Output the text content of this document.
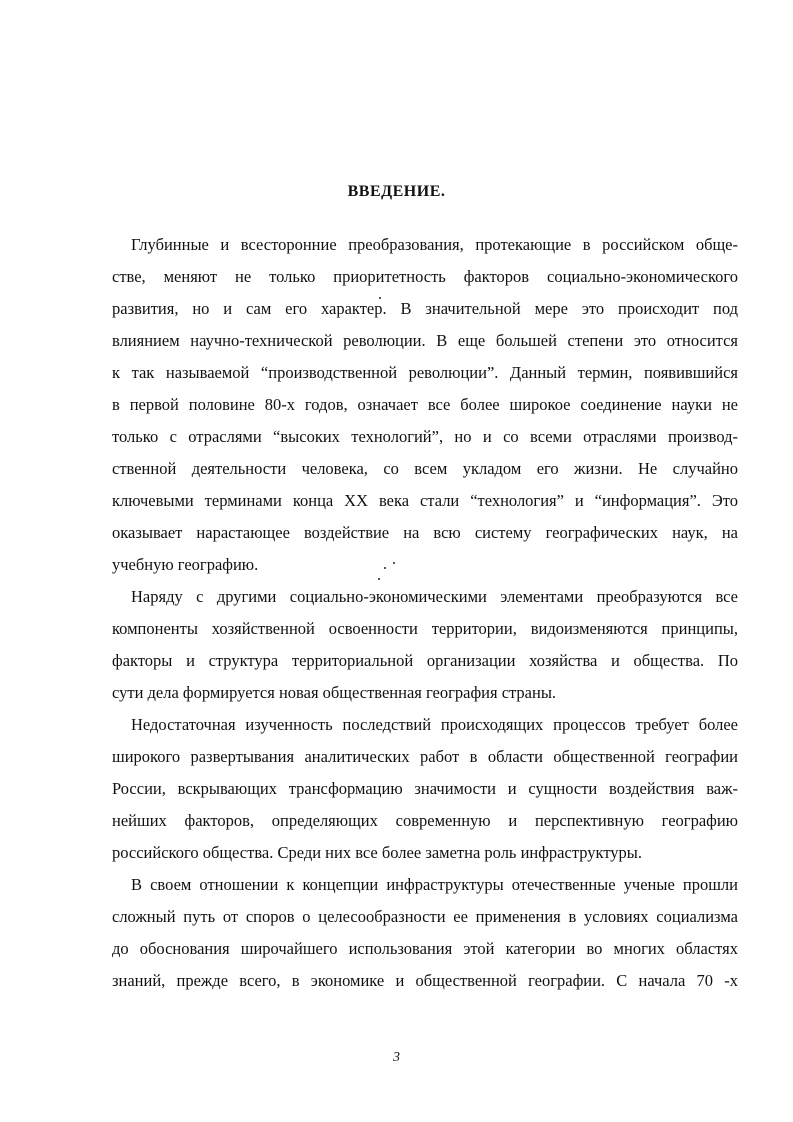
ВВЕДЕНИЕ.
Глубинные и всесторонние преобразования, протекающие в российском обще-
стве, меняют не только приоритетность факторов социально-экономического
развития, но и сам его характер. В значительной мере это происходит под
влиянием научно-технической революции. В еще большей степени это относится
к так называемой “производственной революции”. Данный термин, появившийся
в первой половине 80-х годов, означает все более широкое соединение науки не
только с отраслями “высоких технологий”, но и со всеми отраслями производ-
ственной деятельности человека, со всем укладом его жизни. Не случайно
ключевыми терминами конца XX века стали “технология” и “информация”. Это
оказывает нарастающее воздействие на всю систему географических наук, на
учебную географию.
Наряду с другими социально-экономическими элементами преобразуются все
компоненты хозяйственной освоенности территории, видоизменяются принципы,
факторы и структура территориальной организации хозяйства и общества. По
сути дела формируется новая общественная география страны.
Недостаточная изученность последствий происходящих процессов требует более
широкого развертывания аналитических работ в области общественной географии
России, вскрывающих трансформацию значимости и сущности воздействия важ-
нейших факторов, определяющих современную и перспективную географию
российского общества. Среди них все более заметна роль инфраструктуры.
В своем отношении к концепции инфраструктуры отечественные ученые прошли
сложный путь от споров о целесообразности ее применения в условиях социализма
до обоснования широчайшего использования этой категории во многих областях
знаний, прежде всего, в экономике и общественной географии. С начала 70 -х

3
